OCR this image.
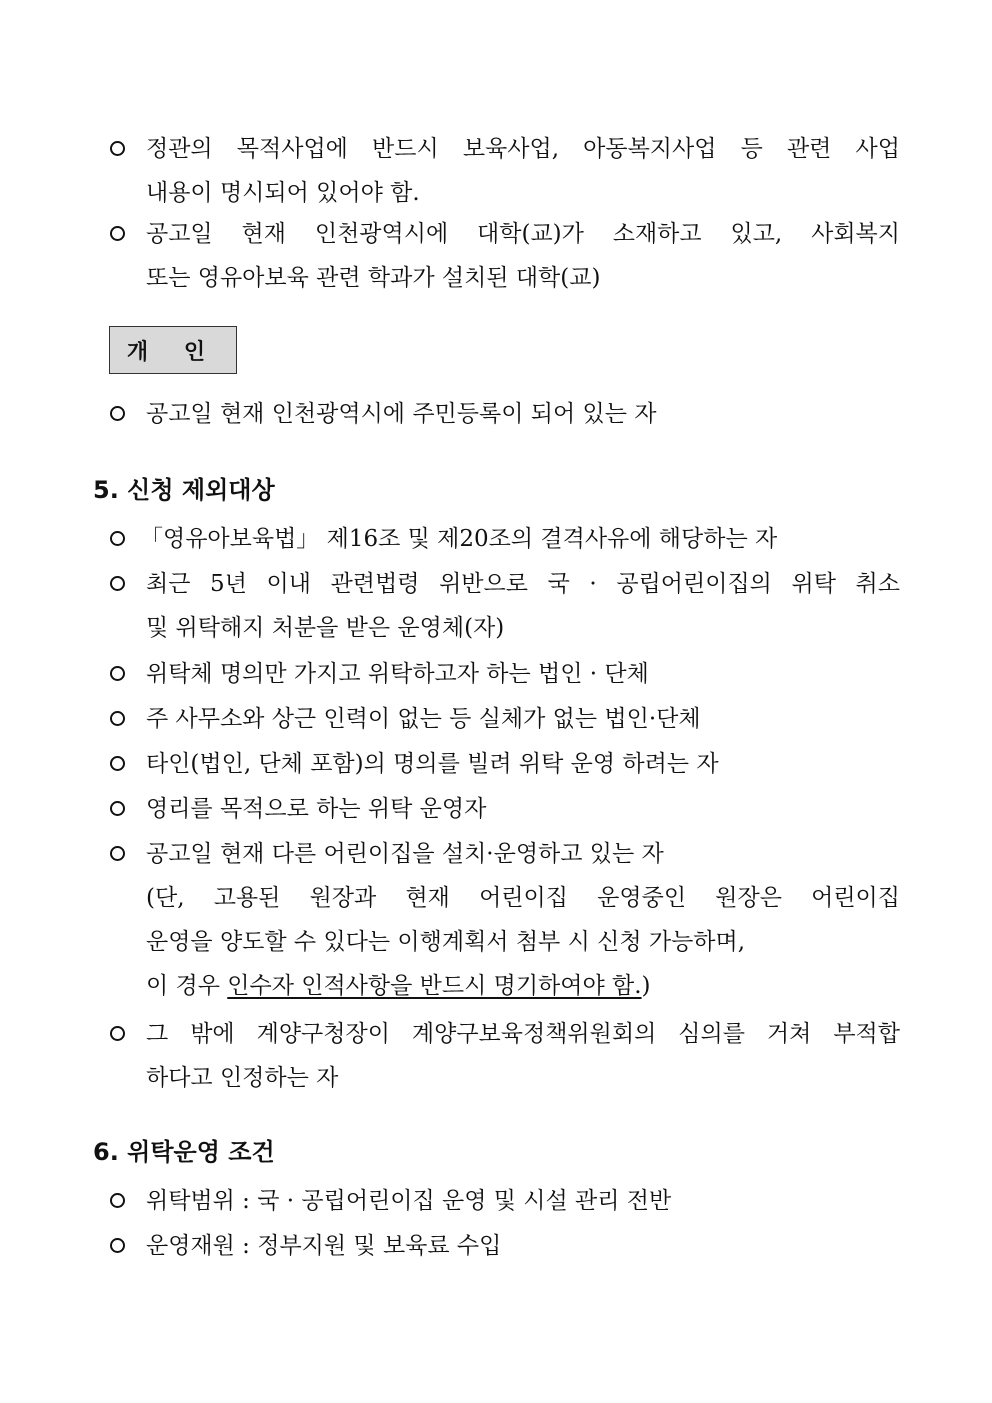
정관의 목적사업에 반드시 보육사업, 아동복지사업 등 관련 사업
내용이 명시되어 있어야 함.
공고일 현재 인천광역시에 대학(교)가 소재하고 있고, 사회복지
또는 영유아보육 관련 학과가 설치된 대학(교)
개 인
공고일 현재 인천광역시에 주민등록이 되어 있는 자
5. 신청 제외대상
「영유아보육법」 제16조 및 제20조의 결격사유에 해당하는 자
최근 5년 이내 관련법령 위반으로 국 · 공립어린이집의 위탁 취소
및 위탁해지 처분을 받은 운영체(자)
위탁체 명의만 가지고 위탁하고자 하는 법인 · 단체
주 사무소와 상근 인력이 없는 등 실체가 없는 법인·단체
타인(법인, 단체 포함)의 명의를 빌려 위탁 운영 하려는 자
영리를 목적으로 하는 위탁 운영자
공고일 현재 다른 어린이집을 설치·운영하고 있는 자
(단, 고용된 원장과 현재 어린이집 운영중인 원장은 어린이집
운영을 양도할 수 있다는 이행계획서 첨부 시 신청 가능하며,
이 경우 인수자 인적사항을 반드시 명기하여야 함.)
그 밖에 계양구청장이 계양구보육정책위원회의 심의를 거쳐 부적합
하다고 인정하는 자
6. 위탁운영 조건
위탁범위 : 국 · 공립어린이집 운영 및 시설 관리 전반
운영재원 : 정부지원 및 보육료 수입
